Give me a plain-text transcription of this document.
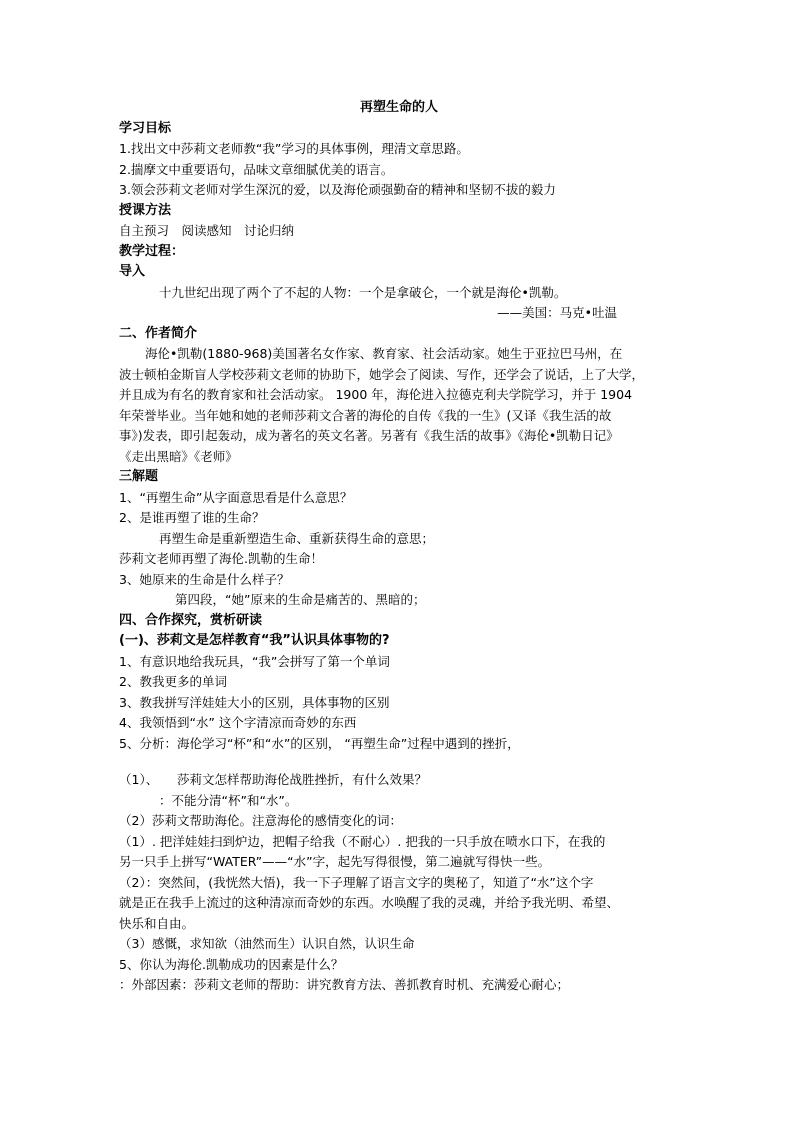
再塑生命的人
学习目标
1.找出文中莎莉文老师教“我”学习的具体事例，理清文章思路。
2.揣摩文中重要语句，品味文章细腻优美的语言。
3.领会莎莉文老师对学生深沉的爱，以及海伦顽强勤奋的精神和坚韧不拔的毅力
授课方法
自主预习　阅读感知　讨论归纳
教学过程：
导入
十九世纪出现了两个了不起的人物：一个是拿破仑，一个就是海伦•凯勒。
——美国：马克•吐温
二、作者简介
海伦•凯勒(1880-968)美国著名女作家、教育家、社会活动家。她生于亚拉巴马州，在
波士顿柏金斯盲人学校莎莉文老师的协助下，她学会了阅读、写作，还学会了说话，上了大学，
并且成为有名的教育家和社会活动家。 1900 年，海伦进入拉德克利夫学院学习，并于 1904
年荣誉毕业。当年她和她的老师莎莉文合著的海伦的自传《我的一生》(又译《我生活的故
事》)发表，即引起轰动，成为著名的英文名著。另著有《我生活的故事》《海伦•凯勒日记》
《走出黑暗》《老师》
三解题
1、“再塑生命”从字面意思看是什么意思？
2、是谁再塑了谁的生命？
再塑生命是重新塑造生命、重新获得生命的意思；
莎莉文老师再塑了海伦.凯勒的生命！
3、她原来的生命是什么样子？
第四段，“她”原来的生命是痛苦的、黑暗的；
四、合作探究，赏析研读
(一)、莎莉文是怎样教育“我”认识具体事物的?
1、有意识地给我玩具，“我”会拼写了第一个单词
2、教我更多的单词
3、教我拼写洋娃娃大小的区别，具体事物的区别
4、我领悟到“水” 这个字清凉而奇妙的东西
5、分析：海伦学习“杯”和“水”的区别， “再塑生命”过程中遇到的挫折，
（1）、　　莎莉文怎样帮助海伦战胜挫折，有什么效果？
：不能分清“杯”和“水”。
（2）莎莉文帮助海伦。注意海伦的感情变化的词：
（1）. 把洋娃娃扫到炉边，把帽子给我（不耐心）. 把我的一只手放在喷水口下，在我的
另一只手上拼写“WATER”——“水”字，起先写得很慢，第二遍就写得快一些。
（2）：突然间，(我恍然大悟)，我一下子理解了语言文字的奥秘了，知道了“水”这个字
就是正在我手上流过的这种清凉而奇妙的东西。水唤醒了我的灵魂，并给予我光明、希望、
快乐和自由。
（3）感慨，求知欲（油然而生）认识自然，认识生命
5、你认为海伦.凯勒成功的因素是什么？
：外部因素：莎莉文老师的帮助：讲究教育方法、善抓教育时机、充满爱心耐心；
